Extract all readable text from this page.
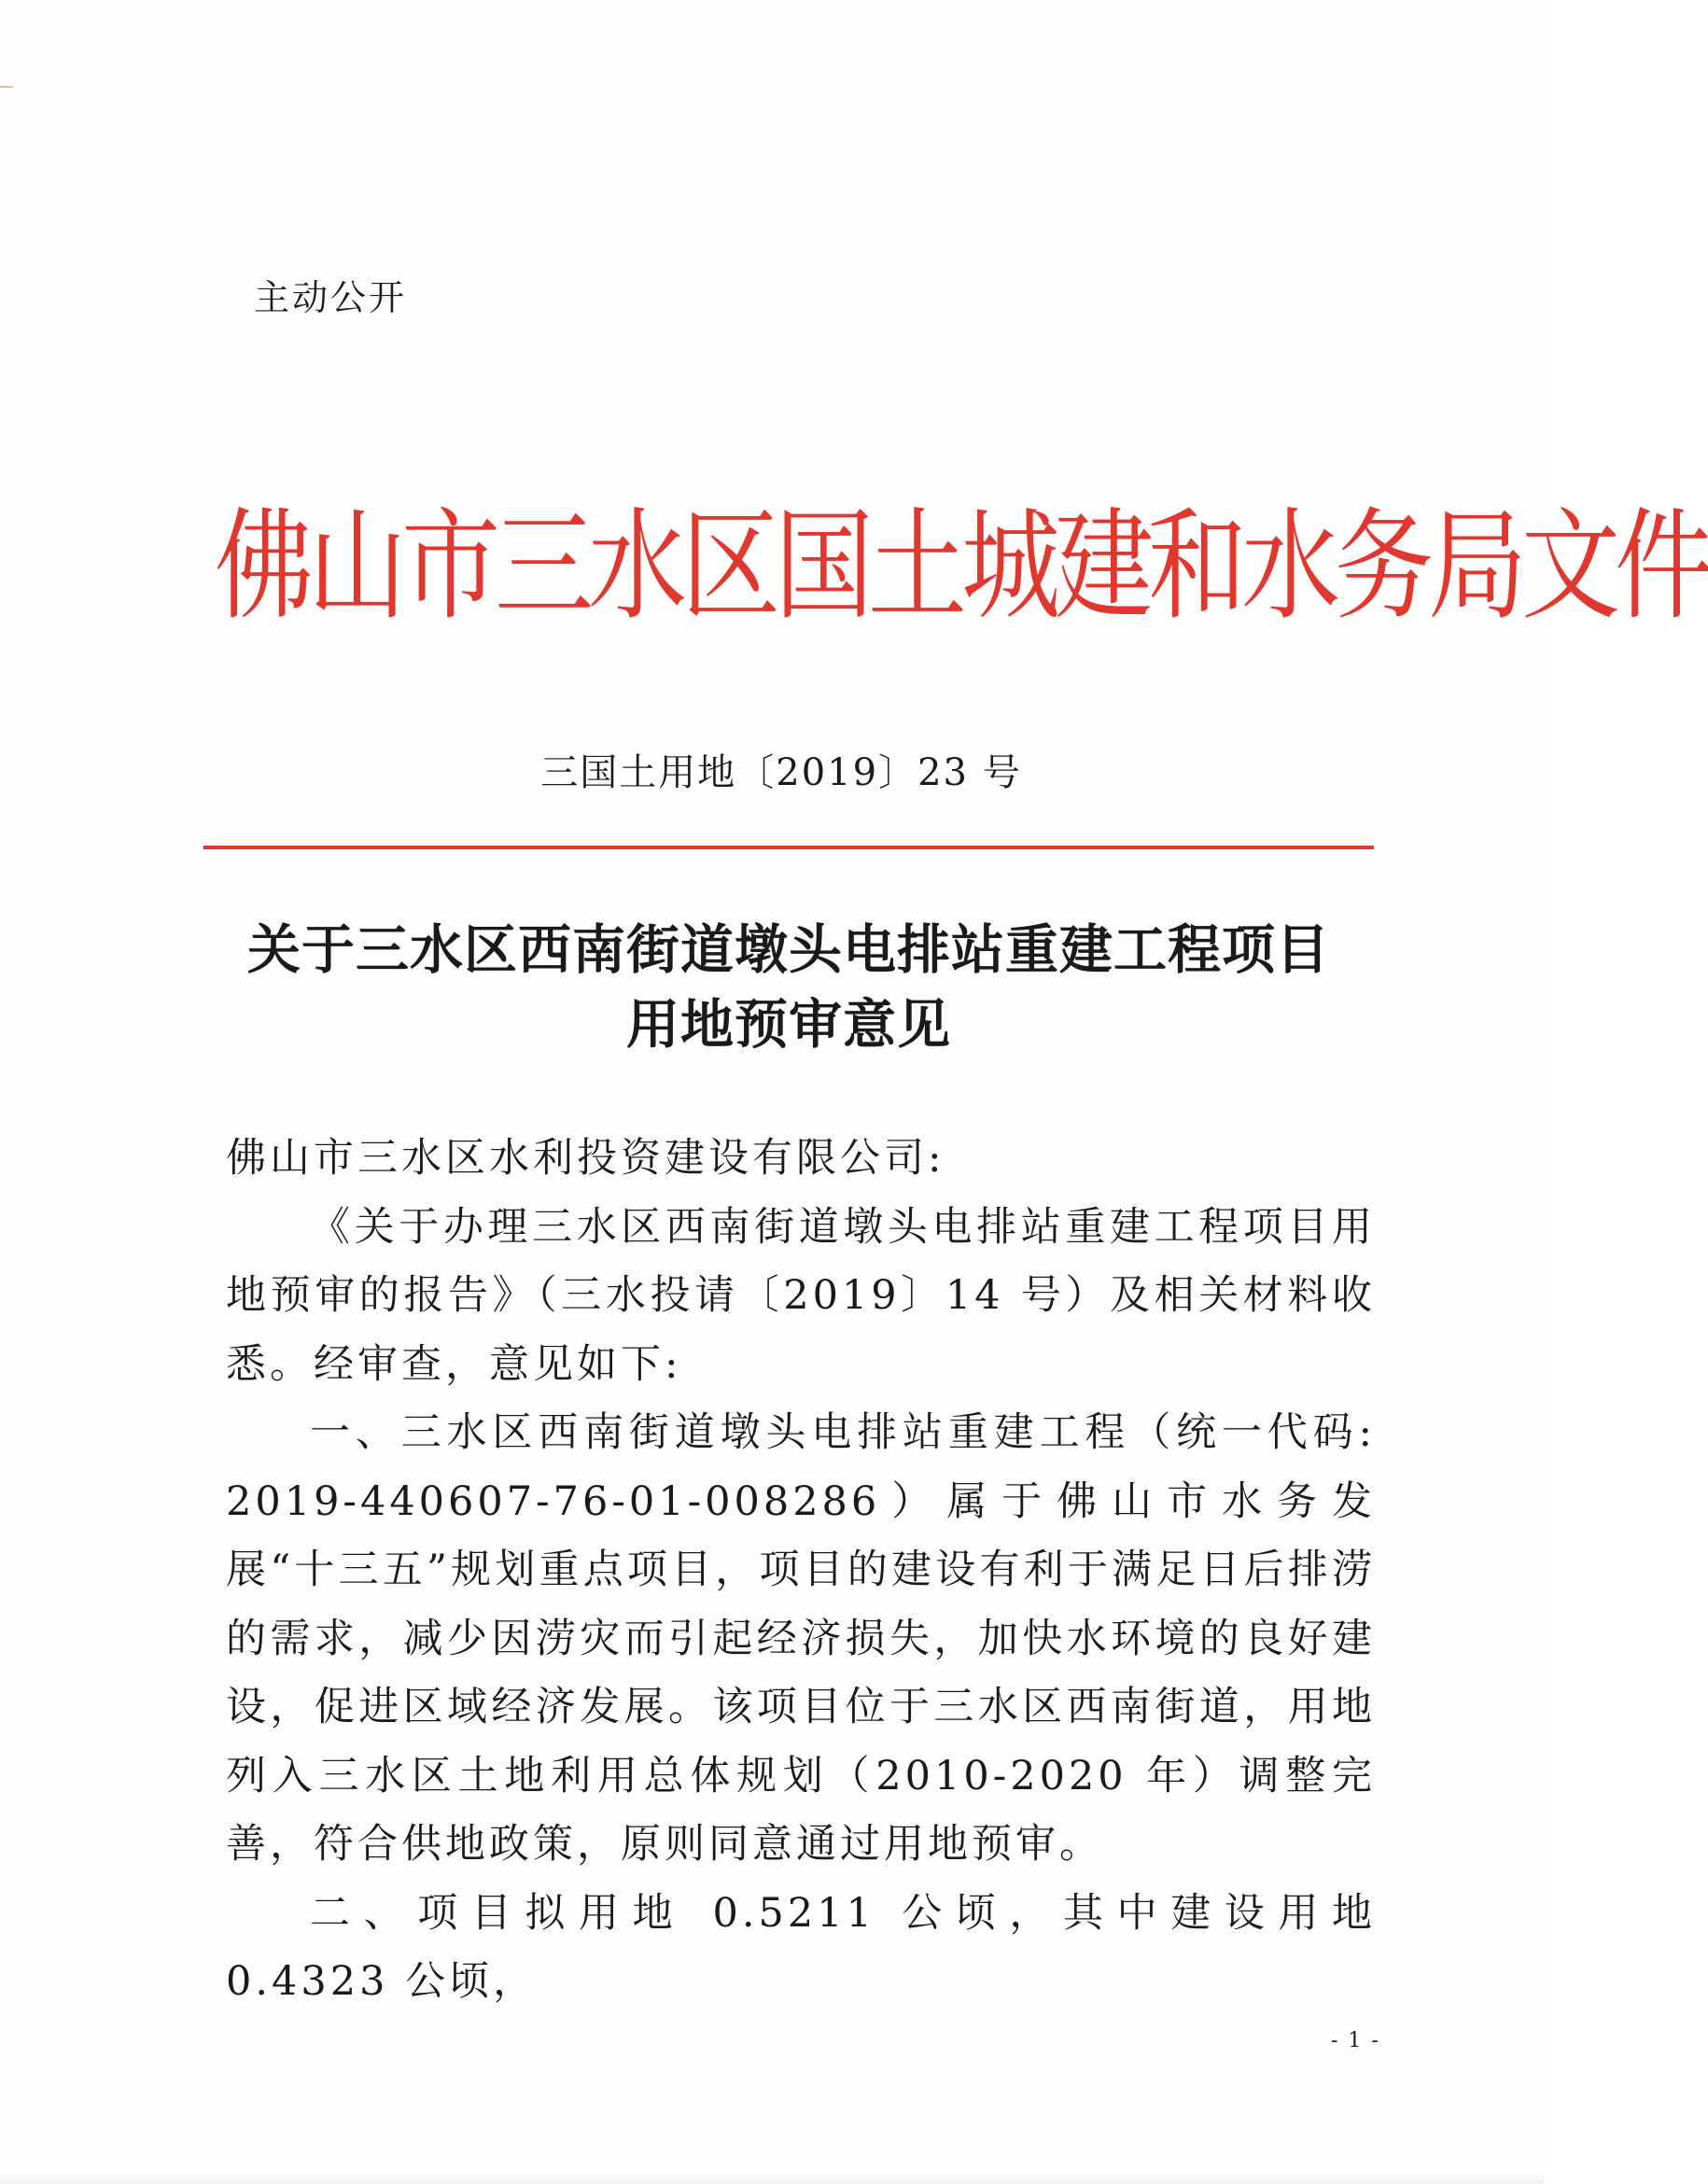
主动公开
佛山市三水区国土城建和水务局文件
三国土用地〔2019〕23 号
关于三水区西南街道墩头电排站重建工程项目
用地预审意见

佛山市三水区水利投资建设有限公司:

《关于办理三水区西南街道墩头电排站重建工程项目用地预审的报告》（三水投请〔2019〕14 号）及相关材料收悉。经审查，意见如下:

一、三水区西南街道墩头电排站重建工程（统一代码: 2019-440607-76-01-008286）属于佛山市水务发展“十三五”规划重点项目，项目的建设有利于满足日后排涝的需求，减少因涝灾而引起经济损失，加快水环境的良好建设，促进区域经济发展。该项目位于三水区西南街道，用地列入三水区土地利用总体规划（2010-2020 年）调整完善，符合供地政策，原则同意通过用地预审。

二、项目拟用地 0.5211 公顷，其中建设用地 0.4323 公顷，

- 1 -
